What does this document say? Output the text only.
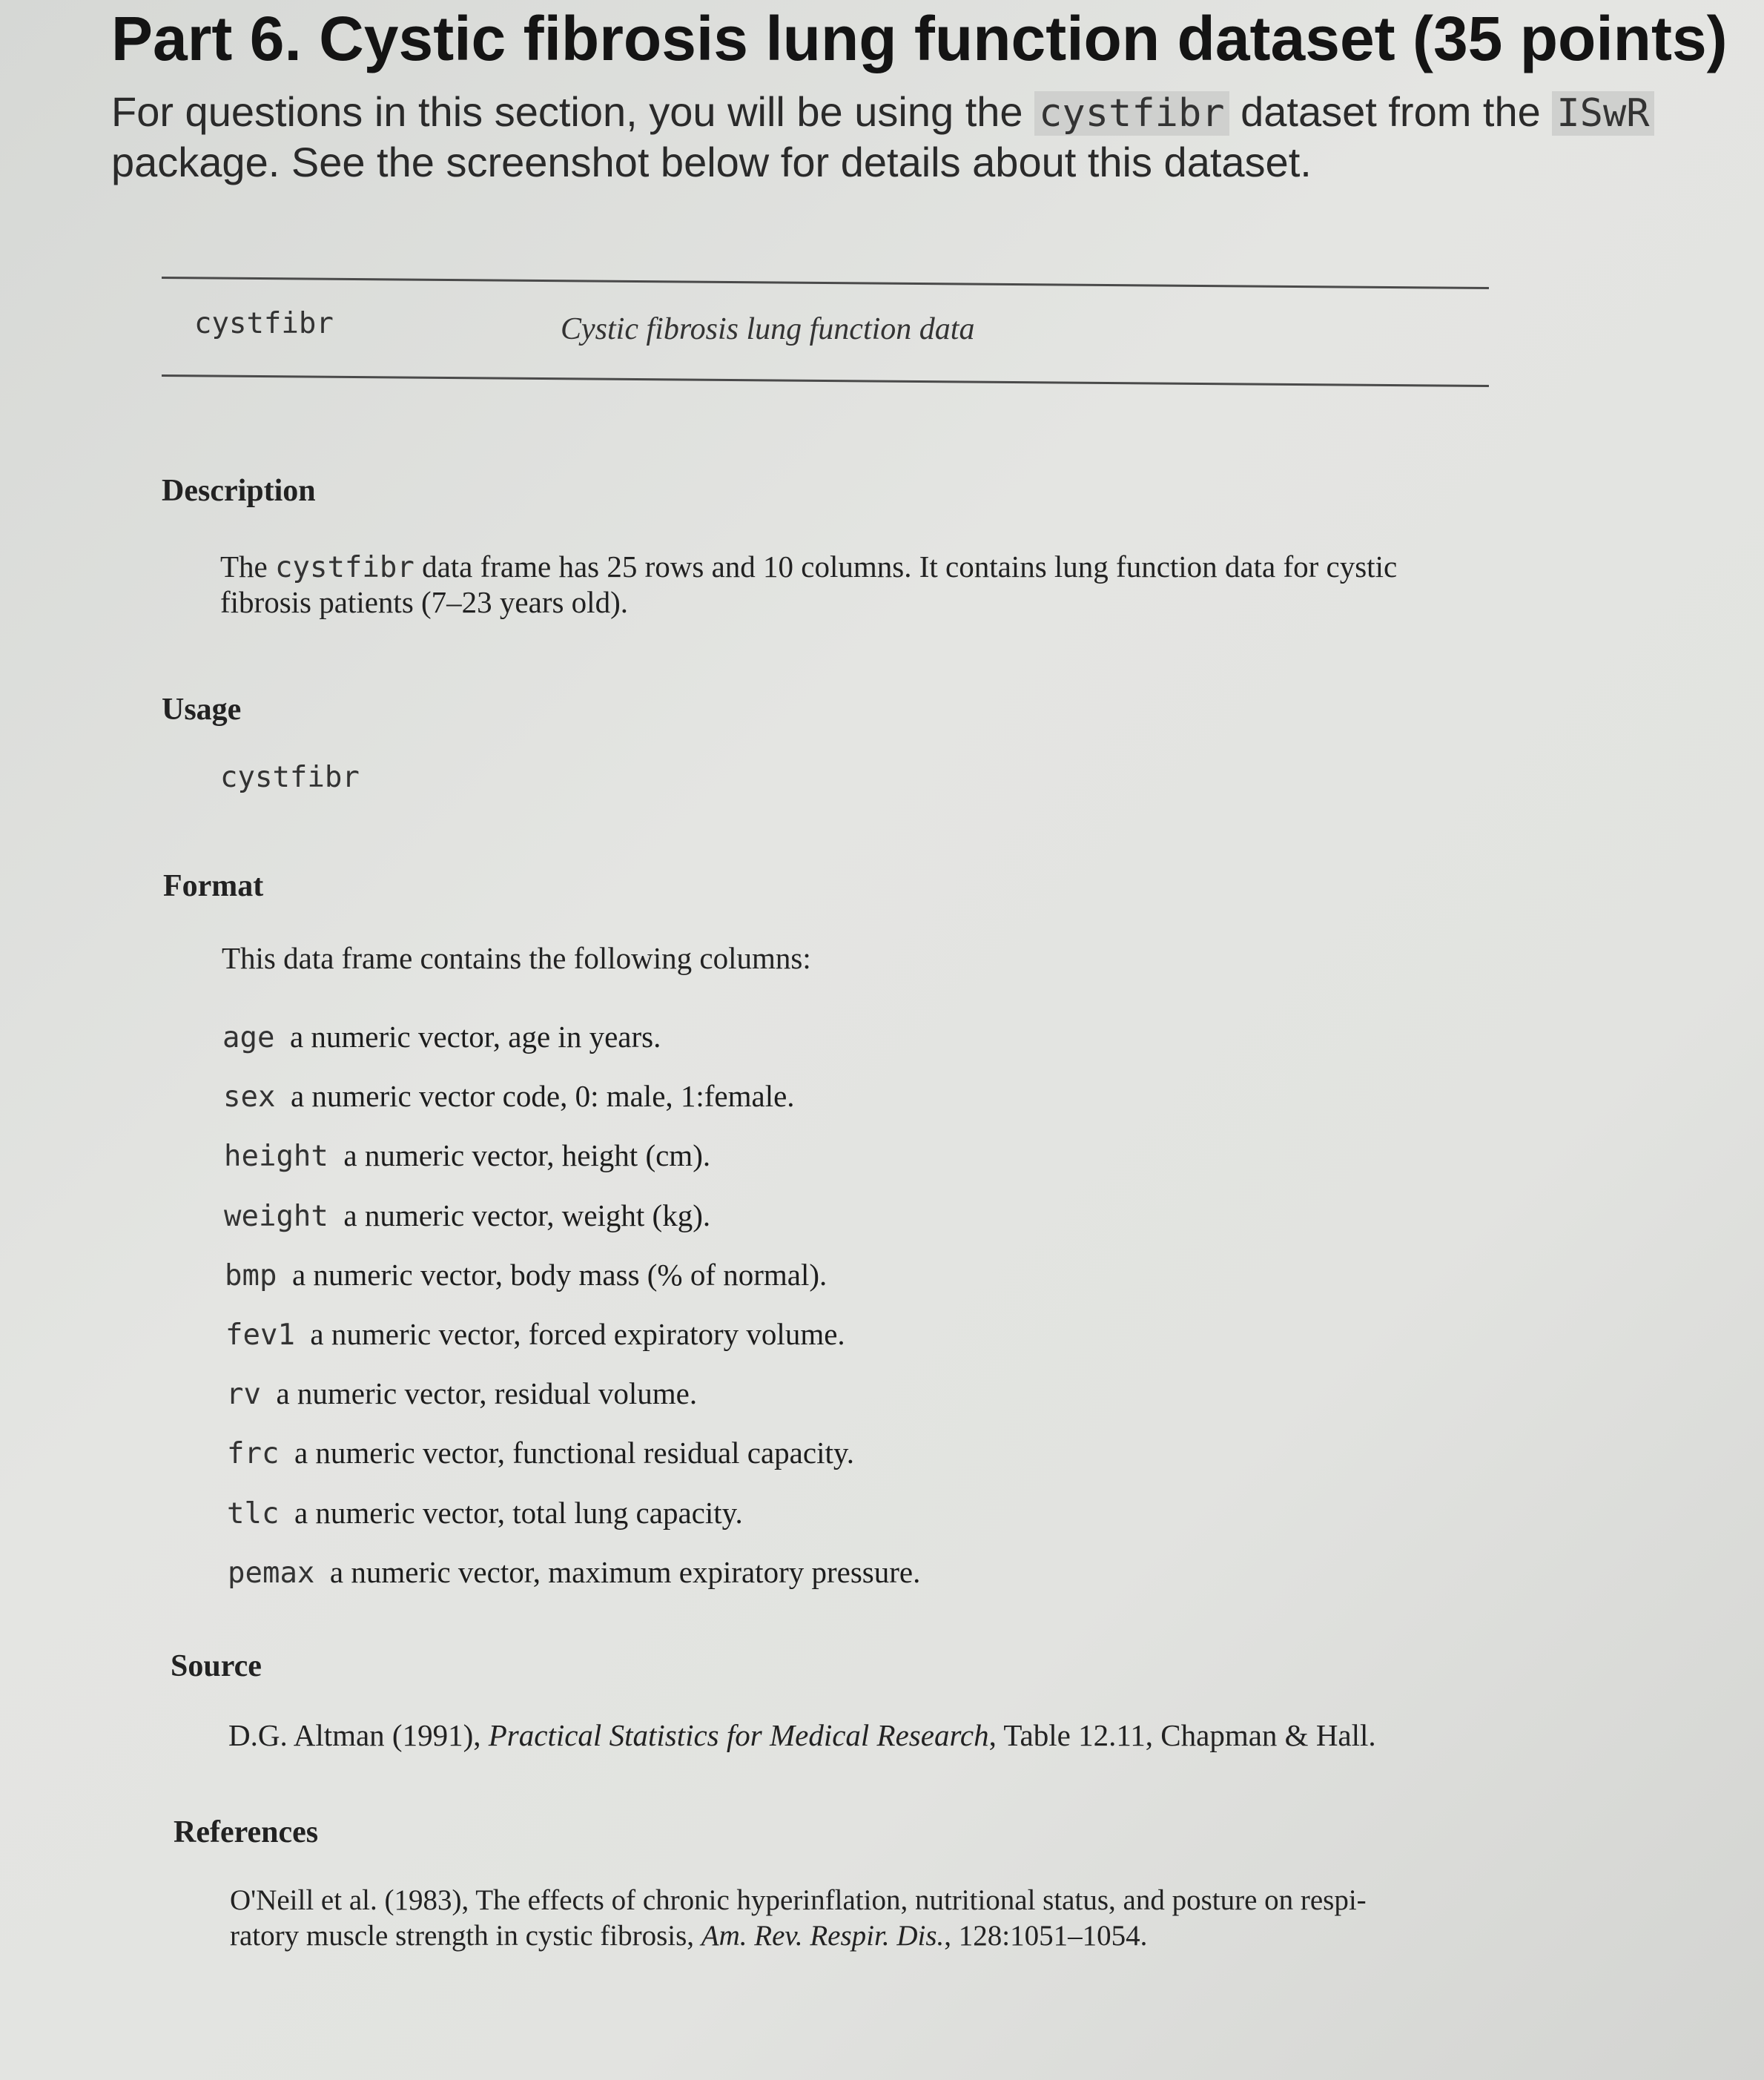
Part 6. Cystic fibrosis lung function dataset (35 points)
For questions in this section, you will be using the cystfibr dataset from the ISwR
package. See the screenshot below for details about this dataset.
cystfibr	Cystic fibrosis lung function data
Description
The cystfibr data frame has 25 rows and 10 columns. It contains lung function data for cystic
fibrosis patients (7–23 years old).
Usage
cystfibr
Format
This data frame contains the following columns:
age a numeric vector, age in years.
sex a numeric vector code, 0: male, 1:female.
height a numeric vector, height (cm).
weight a numeric vector, weight (kg).
bmp a numeric vector, body mass (% of normal).
fev1 a numeric vector, forced expiratory volume.
rv a numeric vector, residual volume.
frc a numeric vector, functional residual capacity.
tlc a numeric vector, total lung capacity.
pemax a numeric vector, maximum expiratory pressure.
Source
D.G. Altman (1991), Practical Statistics for Medical Research, Table 12.11, Chapman & Hall.
References
O'Neill et al. (1983), The effects of chronic hyperinflation, nutritional status, and posture on respi-
ratory muscle strength in cystic fibrosis, Am. Rev. Respir. Dis., 128:1051–1054.
